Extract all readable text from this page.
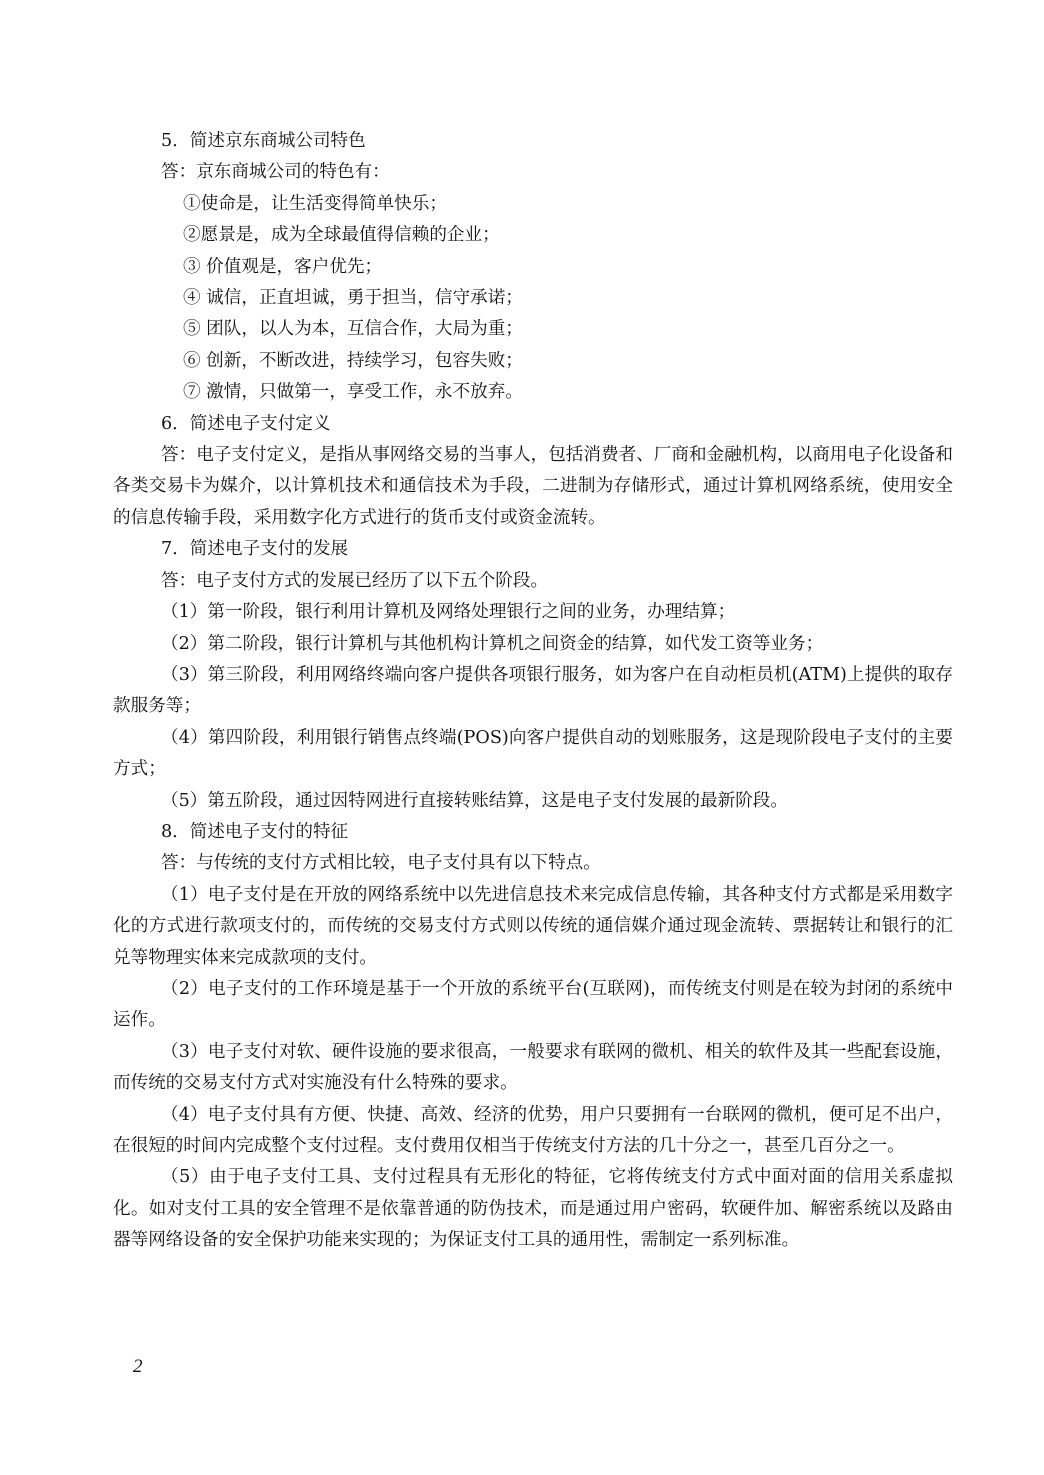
5．简述京东商城公司特色
答：京东商城公司的特色有：
①使命是，让生活变得简单快乐；
②愿景是，成为全球最值得信赖的企业；
③ 价值观是，客户优先；
④ 诚信，正直坦诚，勇于担当，信守承诺；
⑤ 团队，以人为本，互信合作，大局为重；
⑥ 创新，不断改进，持续学习，包容失败；
⑦ 激情，只做第一，享受工作，永不放弃。
6．简述电子支付定义
答：电子支付定义，是指从事网络交易的当事人，包括消费者、厂商和金融机构，以商用电子化设备和各类交易卡为媒介，以计算机技术和通信技术为手段，二进制为存储形式，通过计算机网络系统，使用安全的信息传输手段，采用数字化方式进行的货币支付或资金流转。
7．简述电子支付的发展
答：电子支付方式的发展已经历了以下五个阶段。
（1）第一阶段，银行利用计算机及网络处理银行之间的业务，办理结算；
（2）第二阶段，银行计算机与其他机构计算机之间资金的结算，如代发工资等业务；
（3）第三阶段，利用网络终端向客户提供各项银行服务，如为客户在自动柜员机(ATM)上提供的取存款服务等；
（4）第四阶段，利用银行销售点终端(POS)向客户提供自动的划账服务，这是现阶段电子支付的主要方式；
（5）第五阶段，通过因特网进行直接转账结算，这是电子支付发展的最新阶段。
8．简述电子支付的特征
答：与传统的支付方式相比较，电子支付具有以下特点。
（1）电子支付是在开放的网络系统中以先进信息技术来完成信息传输，其各种支付方式都是采用数字化的方式进行款项支付的，而传统的交易支付方式则以传统的通信媒介通过现金流转、票据转让和银行的汇兑等物理实体来完成款项的支付。
（2）电子支付的工作环境是基于一个开放的系统平台(互联网)，而传统支付则是在较为封闭的系统中运作。
（3）电子支付对软、硬件设施的要求很高，一般要求有联网的微机、相关的软件及其一些配套设施，而传统的交易支付方式对实施没有什么特殊的要求。
（4）电子支付具有方便、快捷、高效、经济的优势，用户只要拥有一台联网的微机，便可足不出户，在很短的时间内完成整个支付过程。支付费用仅相当于传统支付方法的几十分之一，甚至几百分之一。
（5）由于电子支付工具、支付过程具有无形化的特征，它将传统支付方式中面对面的信用关系虚拟化。如对支付工具的安全管理不是依靠普通的防伪技术，而是通过用户密码，软硬件加、解密系统以及路由器等网络设备的安全保护功能来实现的；为保证支付工具的通用性，需制定一系列标准。
2
